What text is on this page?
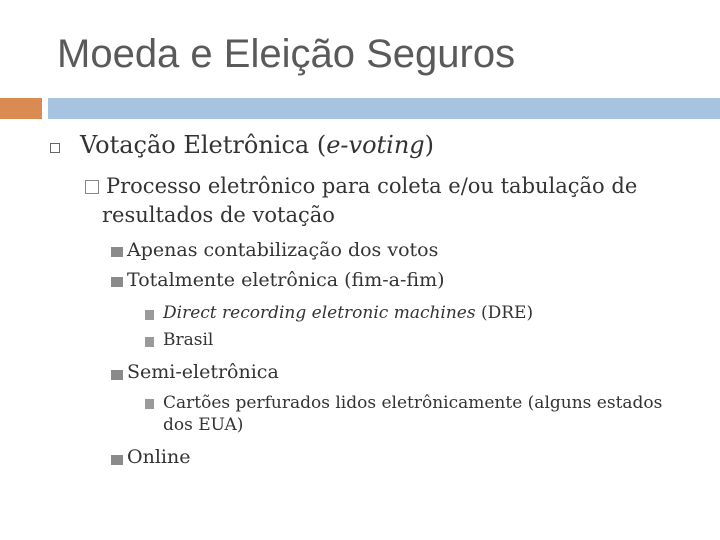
Moeda e Eleição Seguros
Votação Eletrônica (e-voting)
Processo eletrônico para coleta e/ou tabulação de
resultados de votação
Apenas contabilização dos votos
Totalmente eletrônica (fim-a-fim)
Direct recording eletronic machines (DRE)
Brasil
Semi-eletrônica
Cartões perfurados lidos eletrônicamente (alguns estados
dos EUA)
Online
